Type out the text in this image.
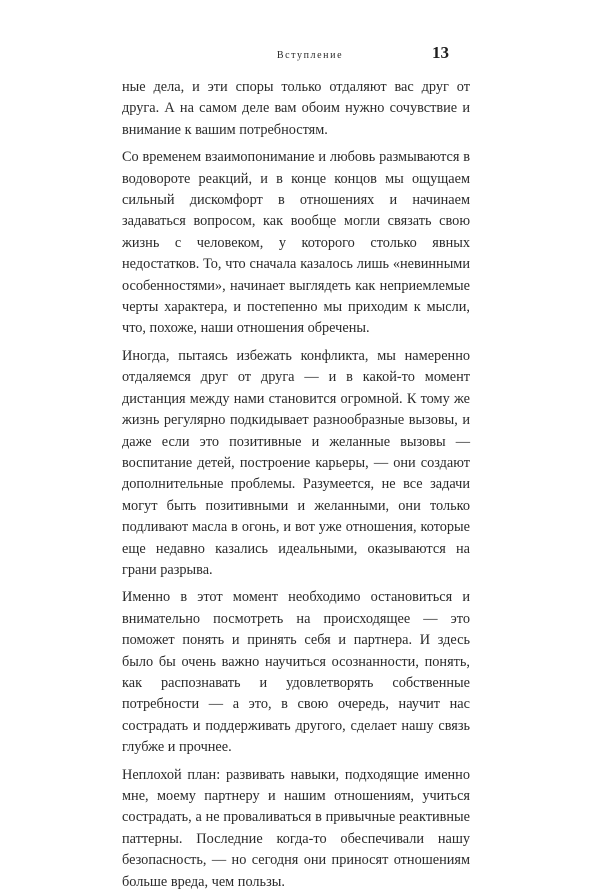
Вступление	13

ные дела, и эти споры только отдаляют вас друг от друга. А на самом деле вам обоим нужно сочувствие и внимание к вашим потребностям.

Со временем взаимопонимание и любовь размываются в водовороте реакций, и в конце концов мы ощущаем сильный дискомфорт в отношениях и начинаем задаваться вопросом, как вообще могли связать свою жизнь с человеком, у которого столько явных недостатков. То, что сначала казалось лишь «невинными особенностями», начинает выглядеть как неприемлемые черты характера, и постепенно мы приходим к мысли, что, похоже, наши отношения обречены.

Иногда, пытаясь избежать конфликта, мы намеренно отдаляемся друг от друга — и в какой-то момент дистанция между нами становится огромной. К тому же жизнь регулярно подкидывает разнообразные вызовы, и даже если это позитивные и желанные вызовы — воспитание детей, построение карьеры, — они создают дополнительные проблемы. Разумеется, не все задачи могут быть позитивными и желанными, они только подливают масла в огонь, и вот уже отношения, которые еще недавно казались идеальными, оказываются на грани разрыва.

Именно в этот момент необходимо остановиться и внимательно посмотреть на происходящее — это поможет понять и принять себя и партнера. И здесь было бы очень важно научиться осознанности, понять, как распознавать и удовлетворять собственные потребности — а это, в свою очередь, научит нас сострадать и поддерживать другого, сделает нашу связь глубже и прочнее.

Неплохой план: развивать навыки, подходящие именно мне, моему партнеру и нашим отношениям, учиться сострадать, а не проваливаться в привычные реактивные паттерны. Последние когда-то обеспечивали нашу безопасность, — но сегодня они приносят отношениям больше вреда, чем пользы.
